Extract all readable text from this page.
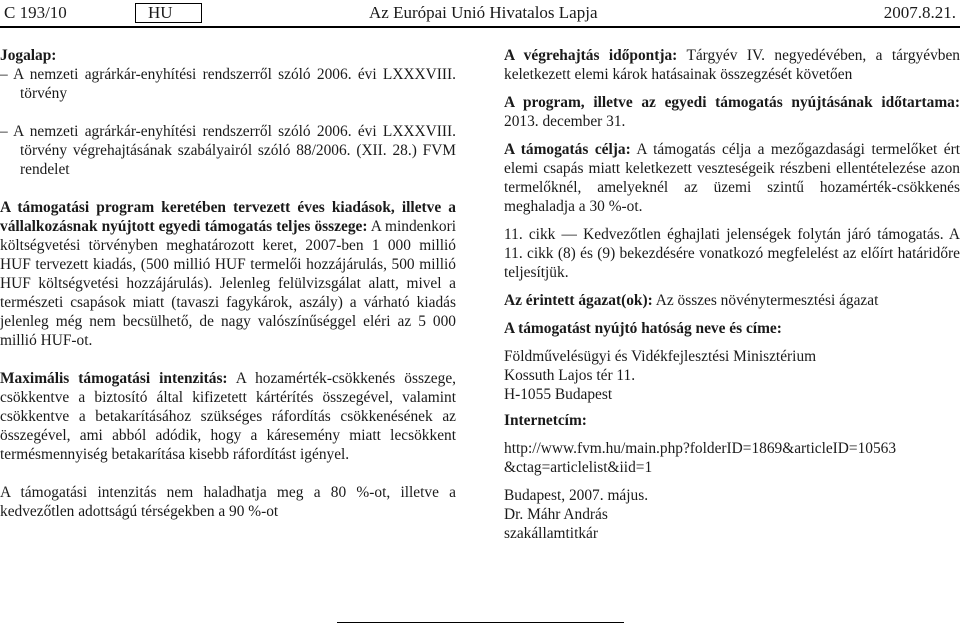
C 193/10	HU	Az Európai Unió Hivatalos Lapja	2007.8.21.

Jogalap:

– A nemzeti agrárkár-enyhítési rendszerről szóló 2006. évi LXXXVIII. törvény

– A nemzeti agrárkár-enyhítési rendszerről szóló 2006. évi LXXXVIII. törvény végrehajtásának szabályairól szóló 88/2006. (XII. 28.) FVM rendelet

A támogatási program keretében tervezett éves kiadások, illetve a vállalkozásnak nyújtott egyedi támogatás teljes összege: A mindenkori költségvetési törvényben meghatározott keret, 2007-ben 1 000 millió HUF tervezett kiadás, (500 millió HUF termelői hozzájárulás, 500 millió HUF költségvetési hozzájárulás). Jelenleg felülvizsgálat alatt, mivel a természeti csapások miatt (tavaszi fagykárok, aszály) a várható kiadás jelenleg még nem becsülhető, de nagy valószínűséggel eléri az 5 000 millió HUF-ot.

Maximális támogatási intenzitás: A hozamérték-csökkenés összege, csökkentve a biztosító által kifizetett kártérítés összegével, valamint csökkentve a betakarításához szükséges ráfordítás csökkenésének az összegével, ami abból adódik, hogy a káresemény miatt lecsökkent termésmennyiség betakarítása kisebb ráfordítást igényel.

A támogatási intenzitás nem haladhatja meg a 80 %-ot, illetve a kedvezőtlen adottságú térségekben a 90 %-ot

A végrehajtás időpontja: Tárgyév IV. negyedévében, a tárgyévben keletkezett elemi károk hatásainak összegzését követően

A program, illetve az egyedi támogatás nyújtásának időtartama: 2013. december 31.

A támogatás célja: A támogatás célja a mezőgazdasági termelőket ért elemi csapás miatt keletkezett veszteségeik részbeni ellentételezése azon termelőknél, amelyeknél az üzemi szintű hozamérték-csökkenés meghaladja a 30 %-ot.

11. cikk — Kedvezőtlen éghajlati jelenségek folytán járó támogatás. A 11. cikk (8) és (9) bekezdésére vonatkozó megfelelést az előírt határidőre teljesítjük.

Az érintett ágazat(ok): Az összes növénytermesztési ágazat

A támogatást nyújtó hatóság neve és címe:

Földművelésügyi és Vidékfejlesztési Minisztérium

Kossuth Lajos tér 11.

H-1055 Budapest

Internetcím:

http://www.fvm.hu/main.php?folderID=1869&articleID=10563

&ctag=articlelist&iid=1

Budapest, 2007. május.

Dr. Máhr András

szakállamtitkár
